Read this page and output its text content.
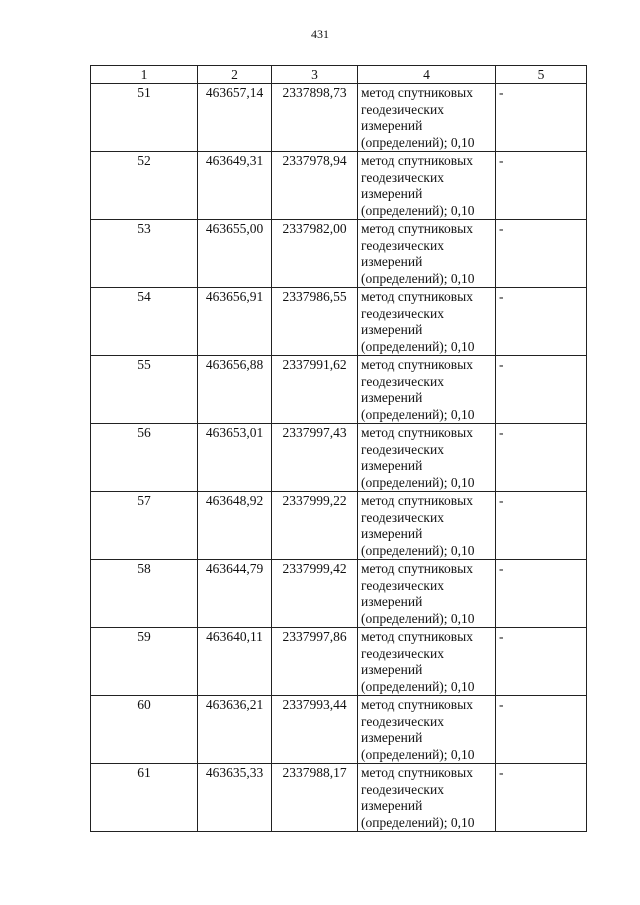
431
1	2	3	4	5
51	463657,14	2337898,73	метод спутниковых геодезических измерений (определений); 0,10	-
52	463649,31	2337978,94	метод спутниковых геодезических измерений (определений); 0,10	-
53	463655,00	2337982,00	метод спутниковых геодезических измерений (определений); 0,10	-
54	463656,91	2337986,55	метод спутниковых геодезических измерений (определений); 0,10	-
55	463656,88	2337991,62	метод спутниковых геодезических измерений (определений); 0,10	-
56	463653,01	2337997,43	метод спутниковых геодезических измерений (определений); 0,10	-
57	463648,92	2337999,22	метод спутниковых геодезических измерений (определений); 0,10	-
58	463644,79	2337999,42	метод спутниковых геодезических измерений (определений); 0,10	-
59	463640,11	2337997,86	метод спутниковых геодезических измерений (определений); 0,10	-
60	463636,21	2337993,44	метод спутниковых геодезических измерений (определений); 0,10	-
61	463635,33	2337988,17	метод спутниковых геодезических измерений (определений); 0,10	-
